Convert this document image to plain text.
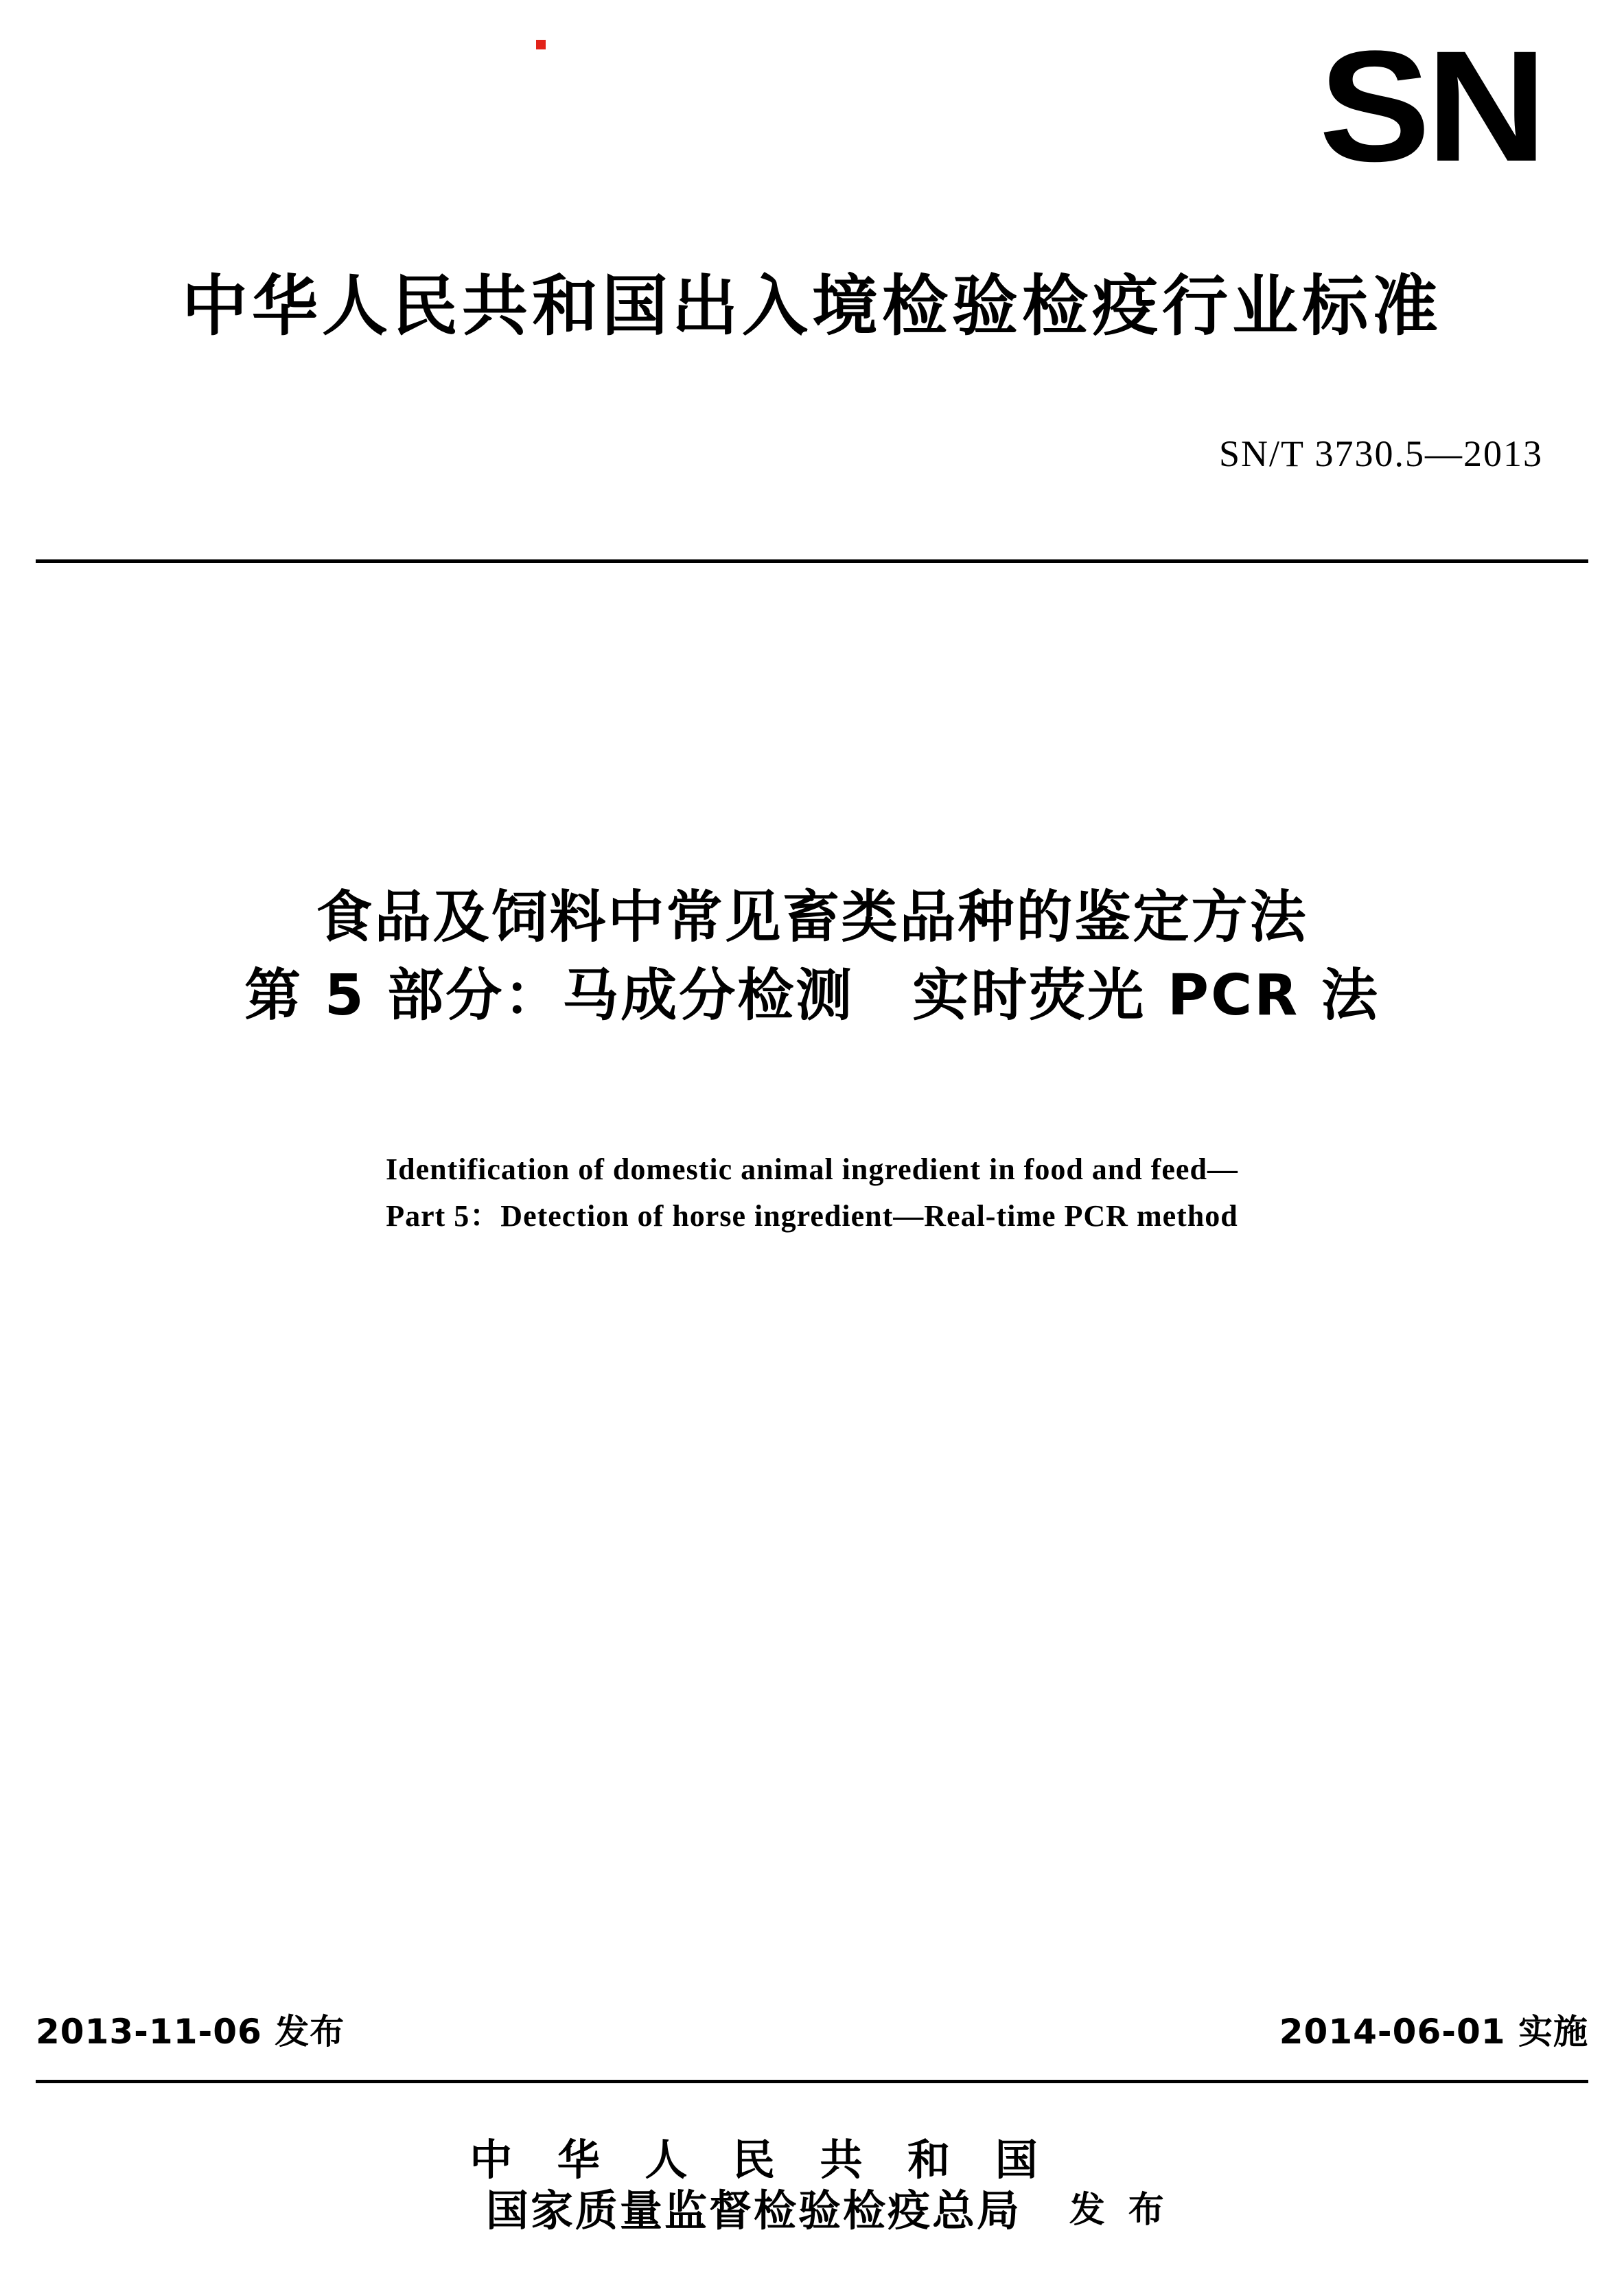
SN
中华人民共和国出入境检验检疫行业标准
SN/T 3730.5—2013
食品及饲料中常见畜类品种的鉴定方法
第 5 部分：马成分检测　实时荧光 PCR 法
Identification of domestic animal ingredient in food and feed—
Part 5：Detection of horse ingredient—Real-time PCR method
2013-11-06 发布	2014-06-01 实施
中 华 人 民 共 和 国
国家质量监督检验检疫总局	发 布
